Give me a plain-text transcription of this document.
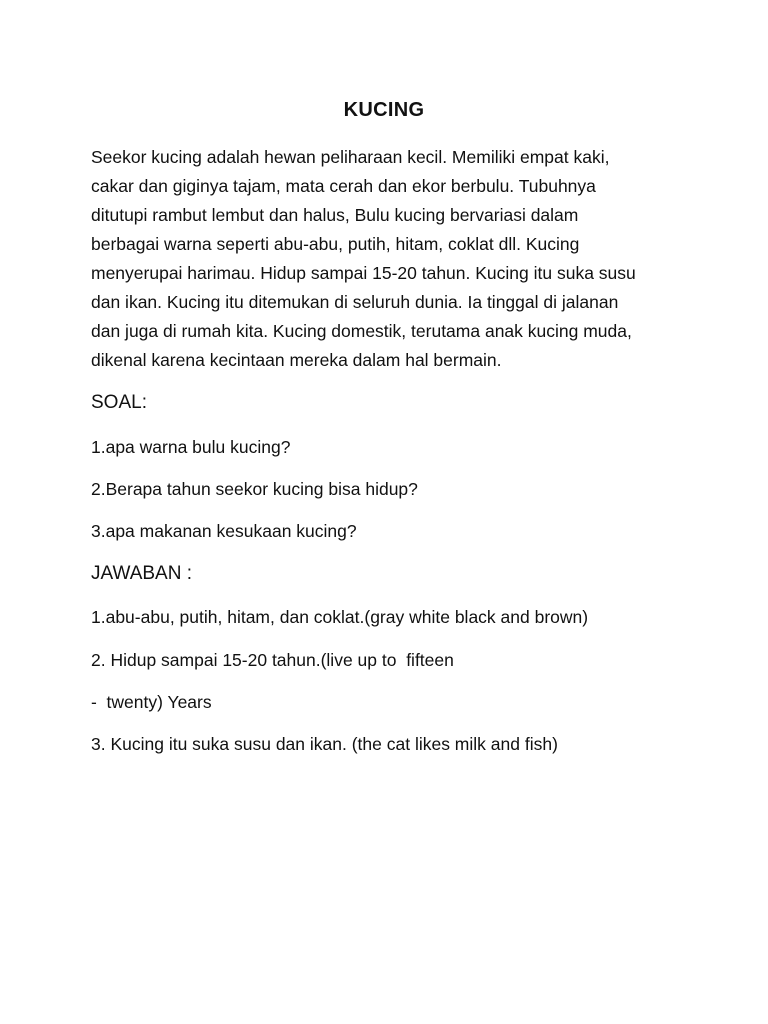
KUCING
Seekor kucing adalah hewan peliharaan kecil. Memiliki empat kaki,
cakar dan giginya tajam, mata cerah dan ekor berbulu. Tubuhnya
ditutupi rambut lembut dan halus, Bulu kucing bervariasi dalam
berbagai warna seperti abu-abu, putih, hitam, coklat dll. Kucing
menyerupai harimau. Hidup sampai 15-20 tahun. Kucing itu suka susu
dan ikan. Kucing itu ditemukan di seluruh dunia. Ia tinggal di jalanan
dan juga di rumah kita. Kucing domestik, terutama anak kucing muda,
dikenal karena kecintaan mereka dalam hal bermain.
SOAL:
1.apa warna bulu kucing?
2.Berapa tahun seekor kucing bisa hidup?
3.apa makanan kesukaan kucing?
JAWABAN :
1.abu-abu, putih, hitam, dan coklat.(gray white black and brown)
2. Hidup sampai 15-20 tahun.(live up to  fifteen
-  twenty) Years
3. Kucing itu suka susu dan ikan. (the cat likes milk and fish)
